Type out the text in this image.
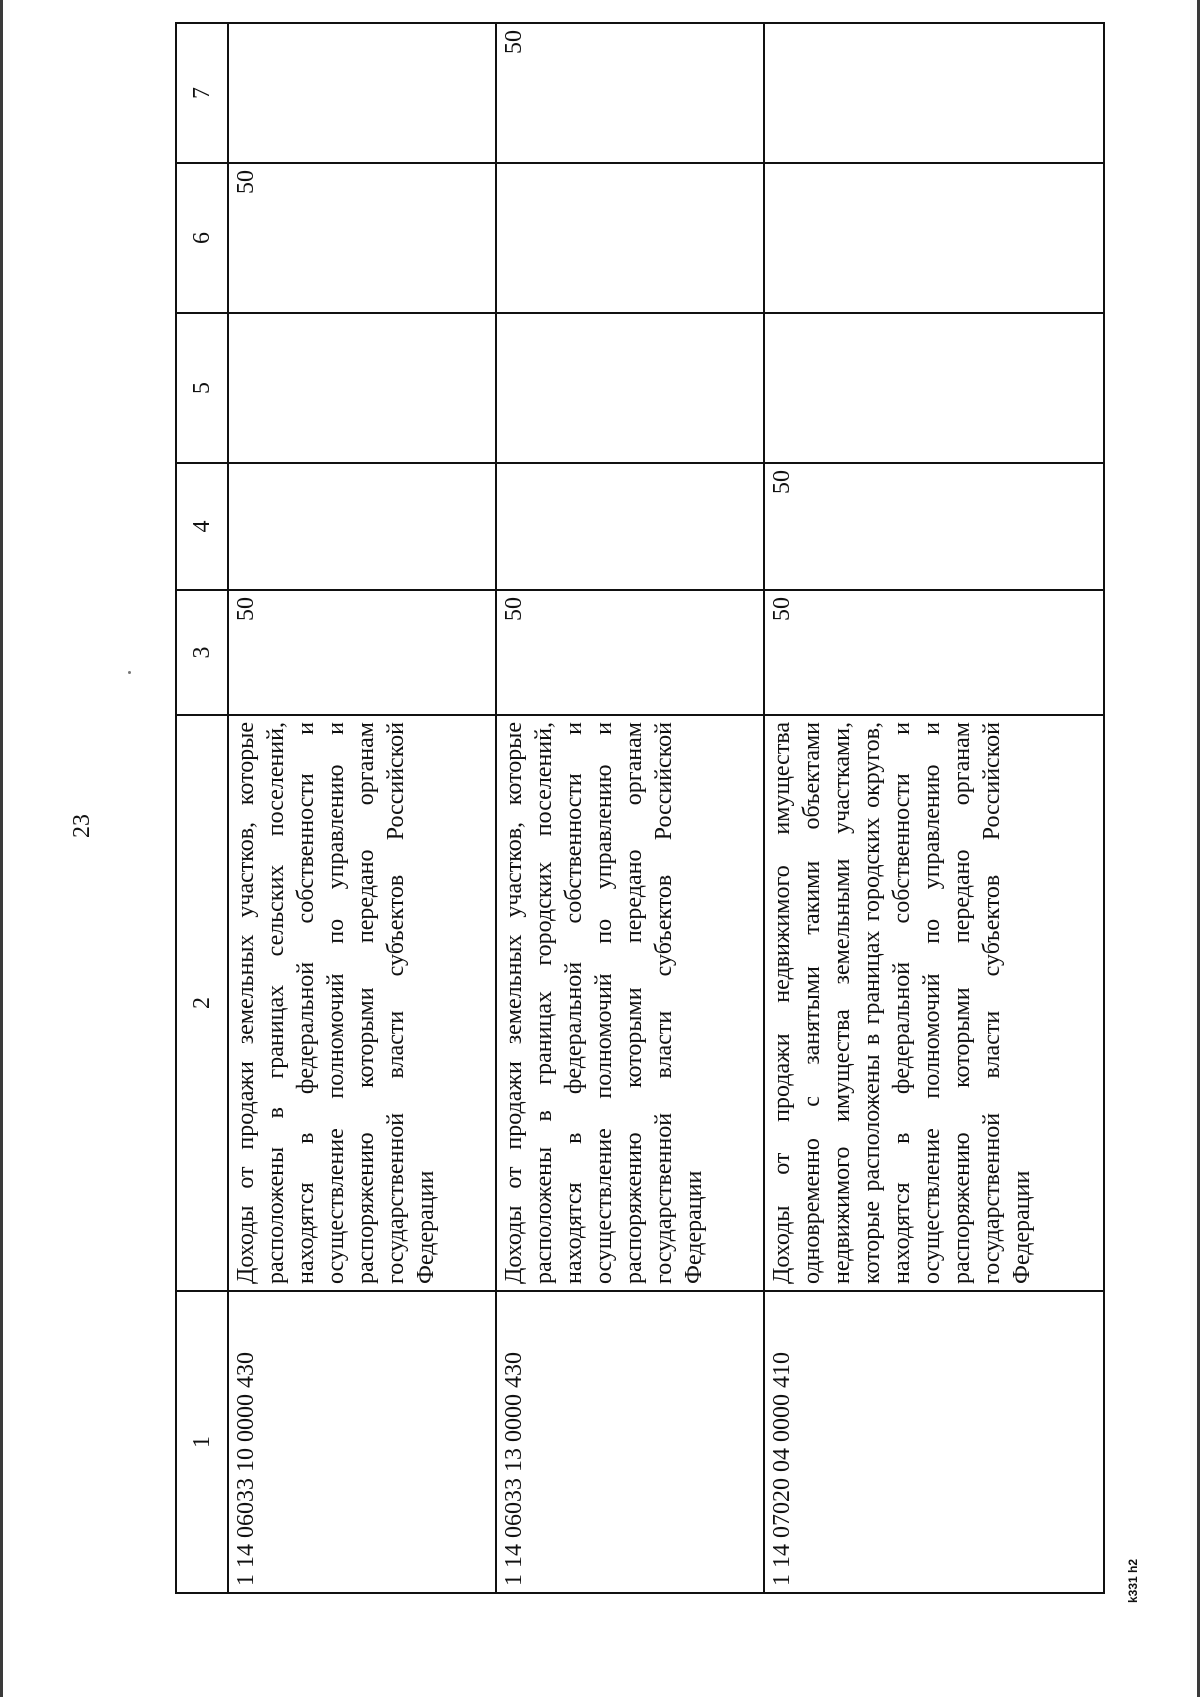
23
1	2	3	4	5	6	7
1 14 06033 10 0000 430	Доходы от продажи земельных участков, которые расположены в границах сельских поселений, находятся в федеральной собственности и осуществление полномочий по управлению и распоряжению которыми передано органам государственной власти субъектов Российской Федерации	50			50	
1 14 06033 13 0000 430	Доходы от продажи земельных участков, которые расположены в границах городских поселений, находятся в федеральной собственности и осуществление полномочий по управлению и распоряжению которыми передано органам государственной власти субъектов Российской Федерации	50				50
1 14 07020 04 0000 410	Доходы от продажи недвижимого имущества одновременно с занятыми такими объектами недвижимого имущества земельными участками, которые расположены в границах городских округов, находятся в федеральной собственности и осуществление полномочий по управлению и распоряжению которыми передано органам государственной власти субъектов Российской Федерации	50	50			
k331 h2
